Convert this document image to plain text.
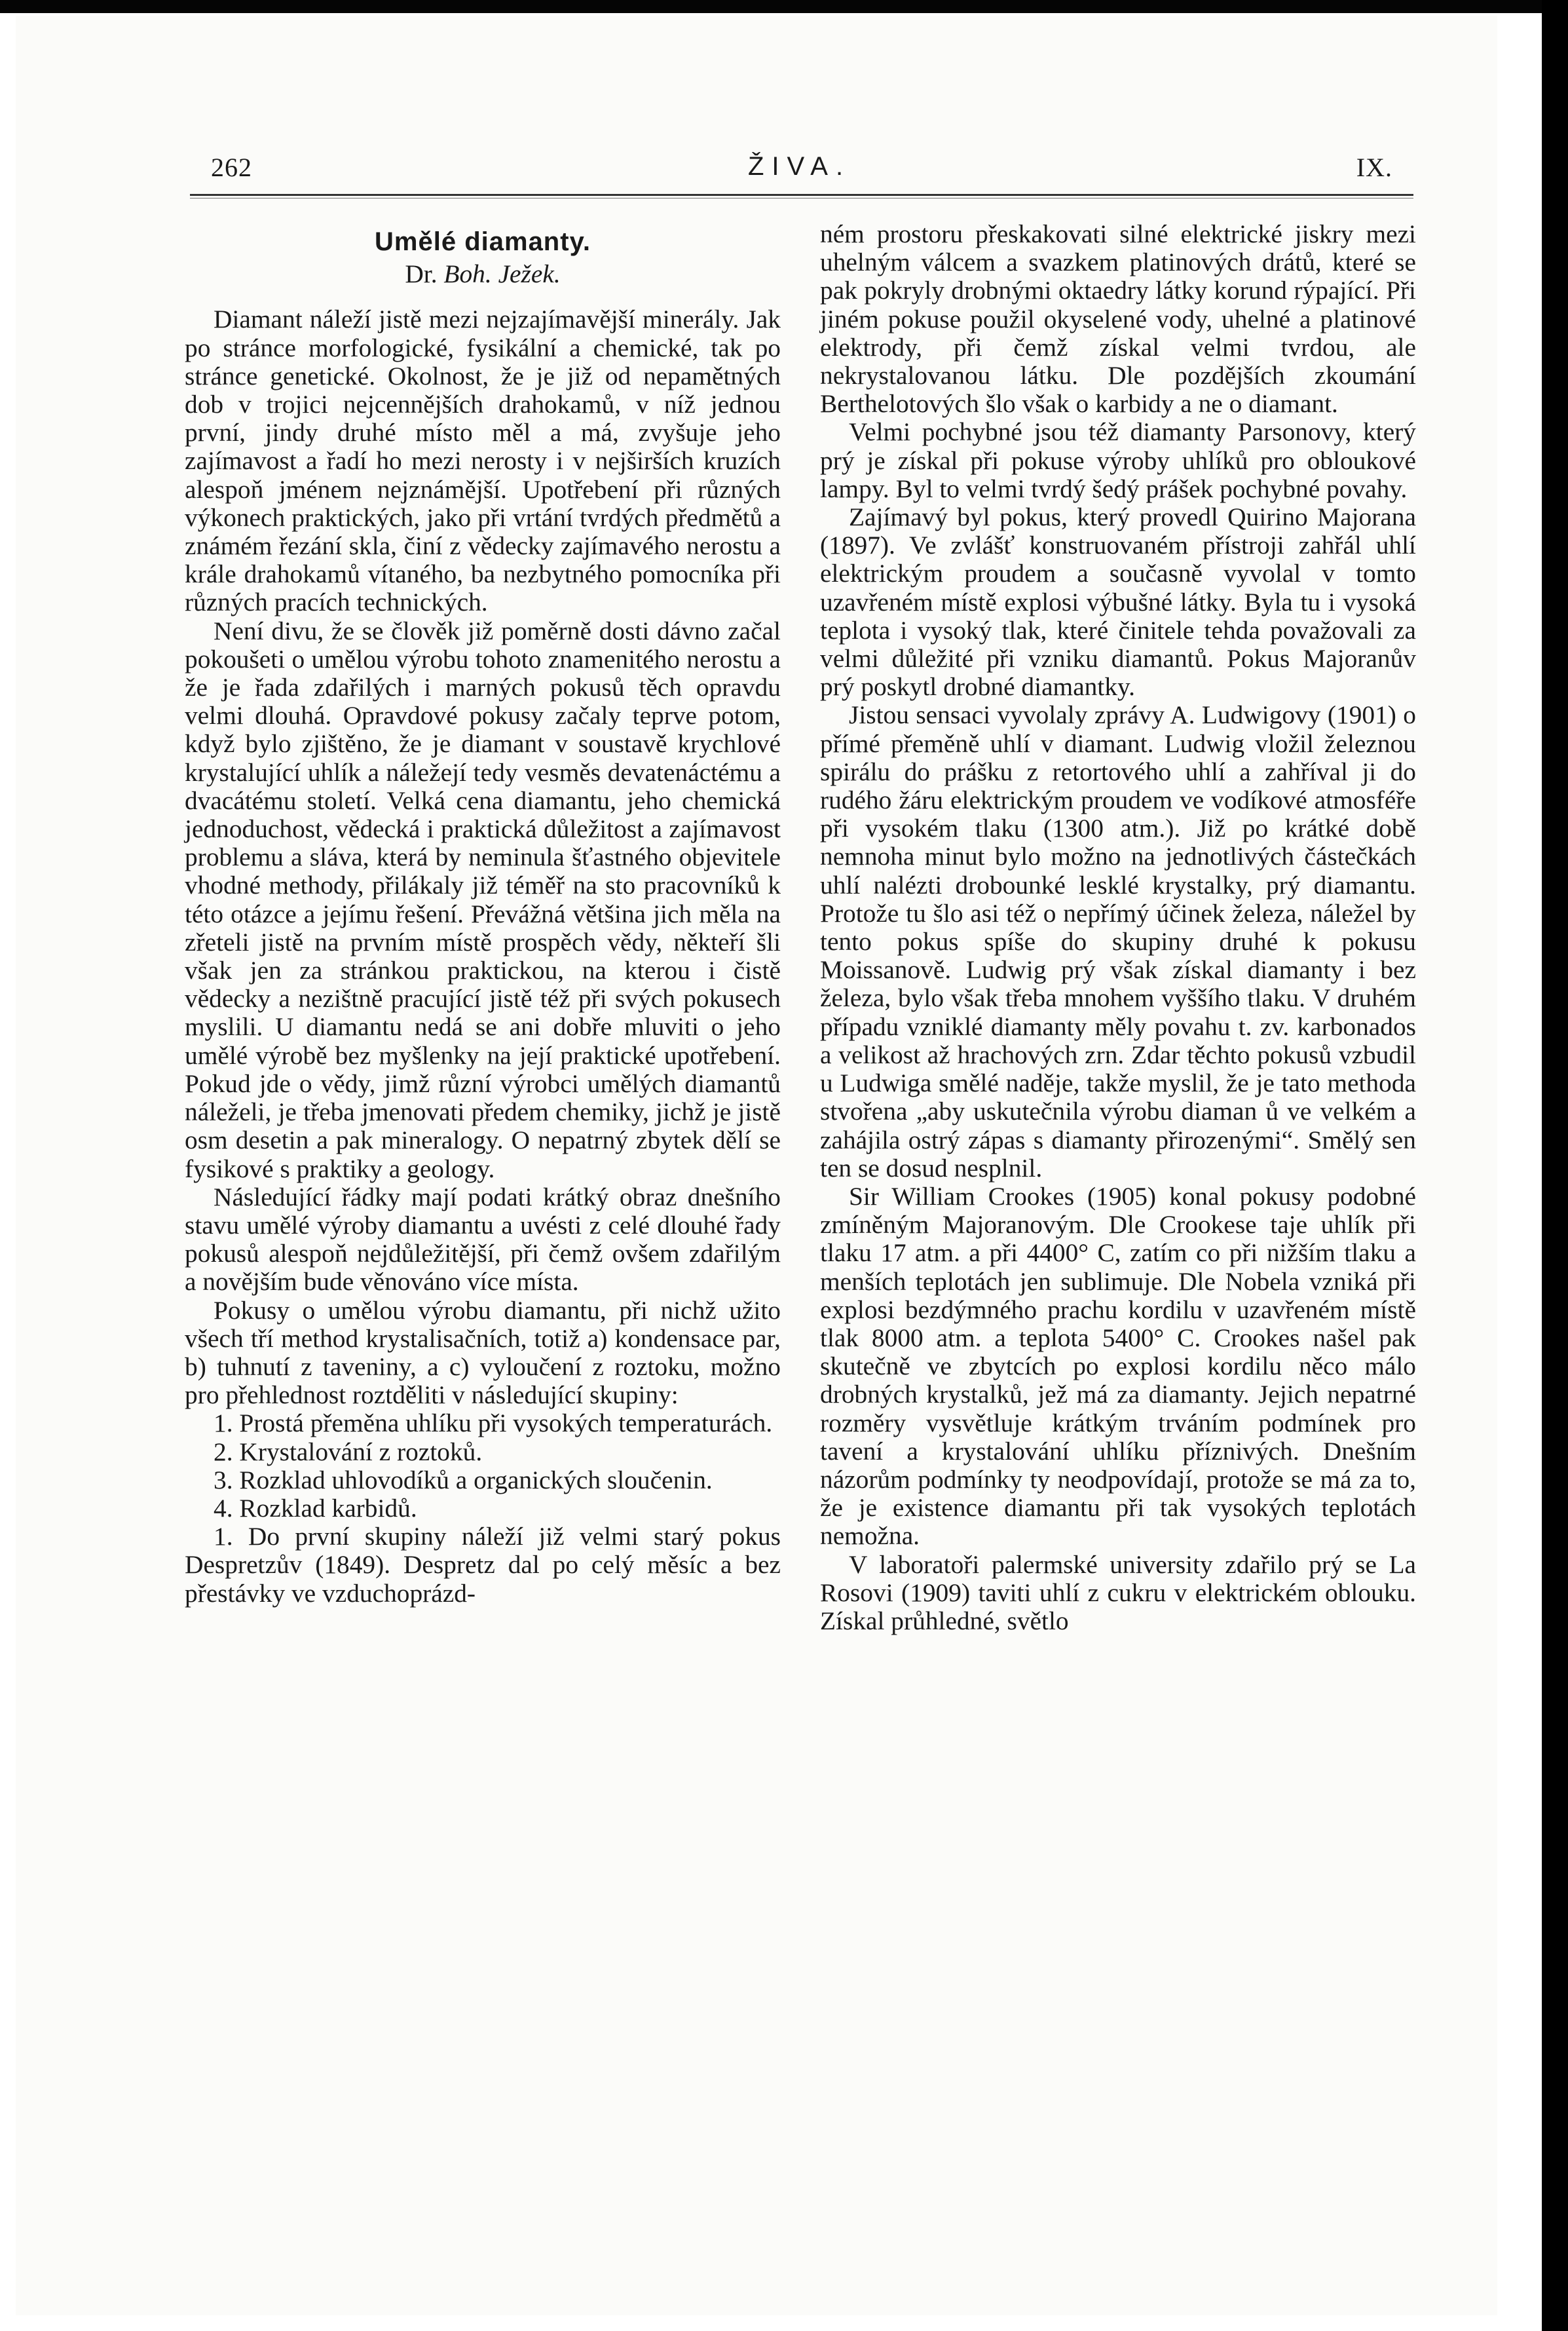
262	ŽIVA.	IX.

Umělé diamanty.

Dr. Boh. Ježek.

Diamant náleží jistě mezi nejzajímavější minerály. Jak po stránce morfologické, fysikální a chemické, tak po stránce genetické. Okolnost, že je již od nepamětných dob v trojici nejcennějších drahokamů, v níž jednou první, jindy druhé místo měl a má, zvyšuje jeho zajímavost a řadí ho mezi nerosty i v nejširších kruzích alespoň jménem nejznámější. Upotřebení při různých výkonech praktických, jako při vrtání tvrdých předmětů a známém řezání skla, činí z vědecky zajímavého nerostu a krále drahokamů vítaného, ba nezbytného pomocníka při různých pracích technických.

Není divu, že se člověk již poměrně dosti dávno začal pokoušeti o umělou výrobu tohoto znamenitého nerostu a že je řada zdařilých i marných pokusů těch opravdu velmi dlouhá. Opravdové pokusy začaly teprve potom, když bylo zjištěno, že je diamant v soustavě krychlové krystalující uhlík a náležejí tedy vesměs devatenáctému a dvacátému století. Velká cena diamantu, jeho chemická jednoduchost, vědecká i praktická důležitost a zajímavost problemu a sláva, která by neminula šťastného objevitele vhodné methody, přilákaly již téměř na sto pracovníků k této otázce a jejímu řešení. Převážná většina jich měla na zřeteli jistě na prvním místě prospěch vědy, někteří šli však jen za stránkou praktickou, na kterou i čistě vědecky a nezištně pracující jistě též při svých pokusech myslili. U diamantu nedá se ani dobře mluviti o jeho umělé výrobě bez myšlenky na její praktické upotřebení. Pokud jde o vědy, jimž různí výrobci umělých diamantů náleželi, je třeba jmenovati předem chemiky, jichž je jistě osm desetin a pak mineralogy. O nepatrný zbytek dělí se fysikové s praktiky a geology.

Následující řádky mají podati krátký obraz dnešního stavu umělé výroby diamantu a uvésti z celé dlouhé řady pokusů alespoň nejdůležitější, při čemž ovšem zdařilým a novějším bude věnováno více místa.

Pokusy o umělou výrobu diamantu, při nichž užito všech tří method krystalisačních, totiž a) kondensace par, b) tuhnutí z taveniny, a c) vyloučení z roztoku, možno pro přehlednost roztděliti v následující skupiny:

1. Prostá přeměna uhlíku při vysokých temperaturách.

2. Krystalování z roztoků.

3. Rozklad uhlovodíků a organických sloučenin.

4. Rozklad karbidů.

1. Do první skupiny náleží již velmi starý pokus Despretzův (1849). Despretz dal po celý měsíc a bez přestávky ve vzduchoprázd-

ném prostoru přeskakovati silné elektrické jiskry mezi uhelným válcem a svazkem platinových drátů, které se pak pokryly drobnými oktaedry látky korund rýpající. Při jiném pokuse použil okyselené vody, uhelné a platinové elektrody, při čemž získal velmi tvrdou, ale nekrystalovanou látku. Dle pozdějších zkoumání Berthelotových šlo však o karbidy a ne o diamant.

Velmi pochybné jsou též diamanty Parsonovy, který prý je získal při pokuse výroby uhlíků pro obloukové lampy. Byl to velmi tvrdý šedý prášek pochybné povahy.

Zajímavý byl pokus, který provedl Quirino Majorana (1897). Ve zvlášť konstruovaném přístroji zahřál uhlí elektrickým proudem a současně vyvolal v tomto uzavřeném místě explosi výbušné látky. Byla tu i vysoká teplota i vysoký tlak, které činitele tehda považovali za velmi důležité při vzniku diamantů. Pokus Majoranův prý poskytl drobné diamantky.

Jistou sensaci vyvolaly zprávy A. Ludwigovy (1901) o přímé přeměně uhlí v diamant. Ludwig vložil železnou spirálu do prášku z retortového uhlí a zahříval ji do rudého žáru elektrickým proudem ve vodíkové atmosféře při vysokém tlaku (1300 atm.). Již po krátké době nemnoha minut bylo možno na jednotlivých částečkách uhlí nalézti drobounké lesklé krystalky, prý diamantu. Protože tu šlo asi též o nepřímý účinek železa, náležel by tento pokus spíše do skupiny druhé k pokusu Moissanově. Ludwig prý však získal diamanty i bez železa, bylo však třeba mnohem vyššího tlaku. V druhém případu vzniklé diamanty měly povahu t. zv. karbonados a velikost až hrachových zrn. Zdar těchto pokusů vzbudil u Ludwiga smělé naděje, takže myslil, že je tato methoda stvořena „aby uskutečnila výrobu diaman ů ve velkém a zahájila ostrý zápas s diamanty přirozenými“. Smělý sen ten se dosud nesplnil.

Sir William Crookes (1905) konal pokusy podobné zmíněným Majoranovým. Dle Crookese taje uhlík při tlaku 17 atm. a při 4400° C, zatím co při nižším tlaku a menších teplotách jen sublimuje. Dle Nobela vzniká při explosi bezdýmného prachu kordilu v uzavřeném místě tlak 8000 atm. a teplota 5400° C. Crookes našel pak skutečně ve zbytcích po explosi kordilu něco málo drobných krystalků, jež má za diamanty. Jejich nepatrné rozměry vysvětluje krátkým trváním podmínek pro tavení a krystalování uhlíku příznivých. Dnešním názorům podmínky ty neodpovídají, protože se má za to, že je existence diamantu při tak vysokých teplotách nemožna.

V laboratoři palermské university zdařilo prý se La Rosovi (1909) taviti uhlí z cukru v elektrickém oblouku. Získal průhledné, světlo
